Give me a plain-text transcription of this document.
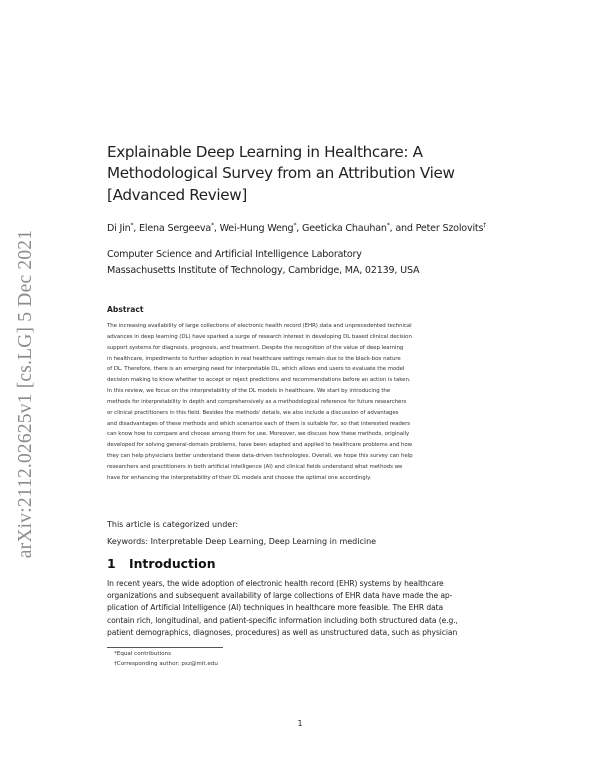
arXiv:2112.02625v1 [cs.LG] 5 Dec 2021
Explainable Deep Learning in Healthcare: A
Methodological Survey from an Attribution View
[Advanced Review]
Di Jin*, Elena Sergeeva*, Wei-Hung Weng*, Geeticka Chauhan*, and Peter Szolovits†
Computer Science and Artificial Intelligence Laboratory
Massachusetts Institute of Technology, Cambridge, MA, 02139, USA
Abstract
The increasing availability of large collections of electronic health record (EHR) data and unprecedented technical
advances in deep learning (DL) have sparked a surge of research interest in developing DL based clinical decision
support systems for diagnosis, prognosis, and treatment. Despite the recognition of the value of deep learning
in healthcare, impediments to further adoption in real healthcare settings remain due to the black-box nature
of DL. Therefore, there is an emerging need for interpretable DL, which allows end users to evaluate the model
decision making to know whether to accept or reject predictions and recommendations before an action is taken.
In this review, we focus on the interpretability of the DL models in healthcare. We start by introducing the
methods for interpretability in depth and comprehensively as a methodological reference for future researchers
or clinical practitioners in this field. Besides the methods' details, we also include a discussion of advantages
and disadvantages of these methods and which scenarios each of them is suitable for, so that interested readers
can know how to compare and choose among them for use. Moreover, we discuss how these methods, originally
developed for solving general-domain problems, have been adapted and applied to healthcare problems and how
they can help physicians better understand these data-driven technologies. Overall, we hope this survey can help
researchers and practitioners in both artificial intelligence (AI) and clinical fields understand what methods we
have for enhancing the interpretability of their DL models and choose the optimal one accordingly.
This article is categorized under:
Keywords: Interpretable Deep Learning, Deep Learning in medicine
1 Introduction
In recent years, the wide adoption of electronic health record (EHR) systems by healthcare
organizations and subsequent availability of large collections of EHR data have made the ap-
plication of Artificial Intelligence (AI) techniques in healthcare more feasible. The EHR data
contain rich, longitudinal, and patient-specific information including both structured data (e.g.,
patient demographics, diagnoses, procedures) as well as unstructured data, such as physician
*Equal contributions
†Corresponding author: psz@mit.edu
1
